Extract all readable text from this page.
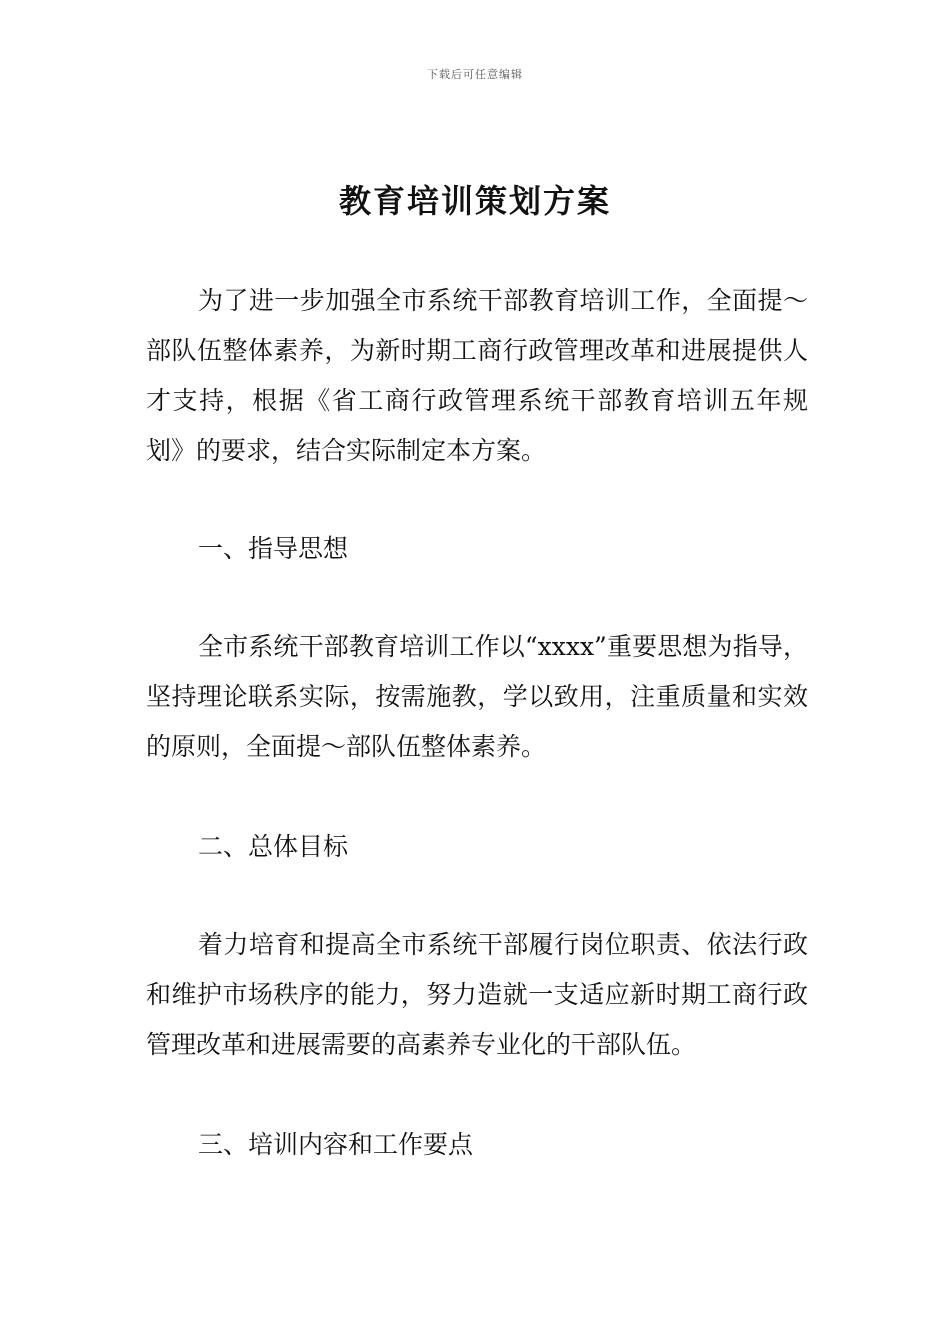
下载后可任意编辑
教育培训策划方案

为了进一步加强全市系统干部教育培训工作，全面提～部队伍整体素养，为新时期工商行政管理改革和进展提供人才支持，根据《省工商行政管理系统干部教育培训五年规划》的要求，结合实际制定本方案。

一、指导思想

全市系统干部教育培训工作以“xxxx”重要思想为指导，坚持理论联系实际，按需施教，学以致用，注重质量和实效的原则，全面提～部队伍整体素养。

二、总体目标

着力培育和提高全市系统干部履行岗位职责、依法行政和维护市场秩序的能力，努力造就一支适应新时期工商行政管理改革和进展需要的高素养专业化的干部队伍。

三、培训内容和工作要点
